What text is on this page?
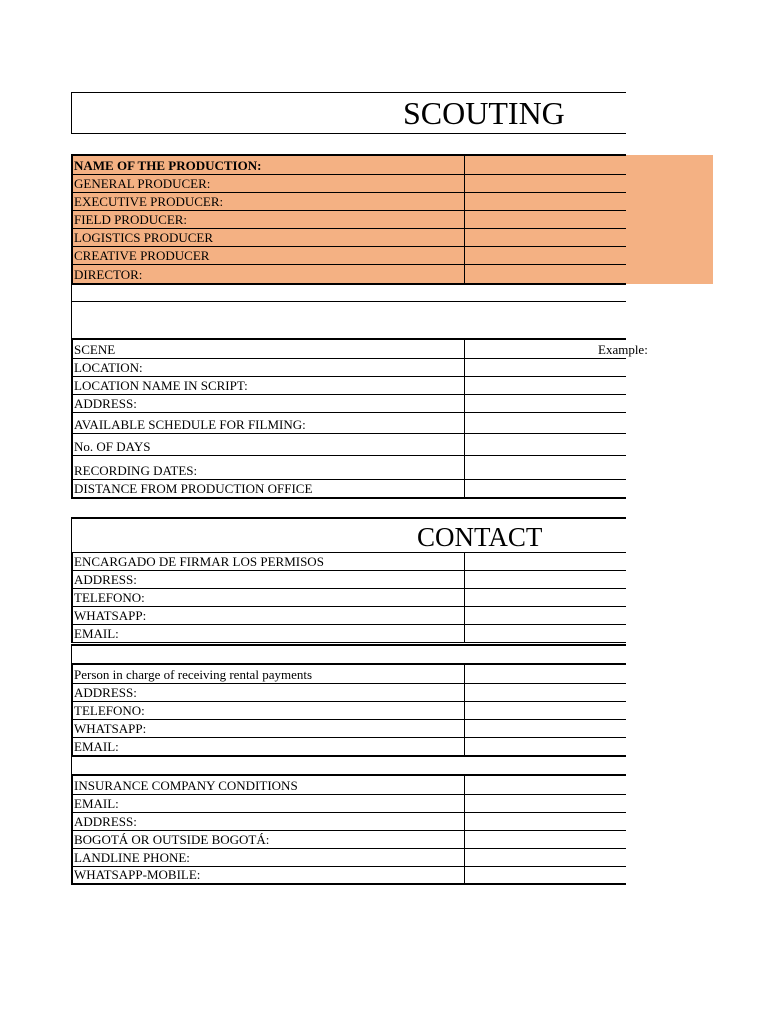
SCOUTING
NAME OF THE PRODUCTION:
GENERAL PRODUCER:
EXECUTIVE PRODUCER:
FIELD PRODUCER:
LOGISTICS PRODUCER
CREATIVE PRODUCER
DIRECTOR:
Example:
SCENE
LOCATION:
LOCATION NAME IN SCRIPT:
ADDRESS:
AVAILABLE SCHEDULE FOR FILMING:
No. OF DAYS
RECORDING DATES:
DISTANCE FROM PRODUCTION OFFICE
CONTACT
ENCARGADO DE FIRMAR LOS PERMISOS
ADDRESS:
TELEFONO:
WHATSAPP:
EMAIL:
Person in charge of receiving rental payments
ADDRESS:
TELEFONO:
WHATSAPP:
EMAIL:
INSURANCE COMPANY CONDITIONS
EMAIL:
ADDRESS:
BOGOTÁ OR OUTSIDE BOGOTÁ:
LANDLINE PHONE:
WHATSAPP-MOBILE:
